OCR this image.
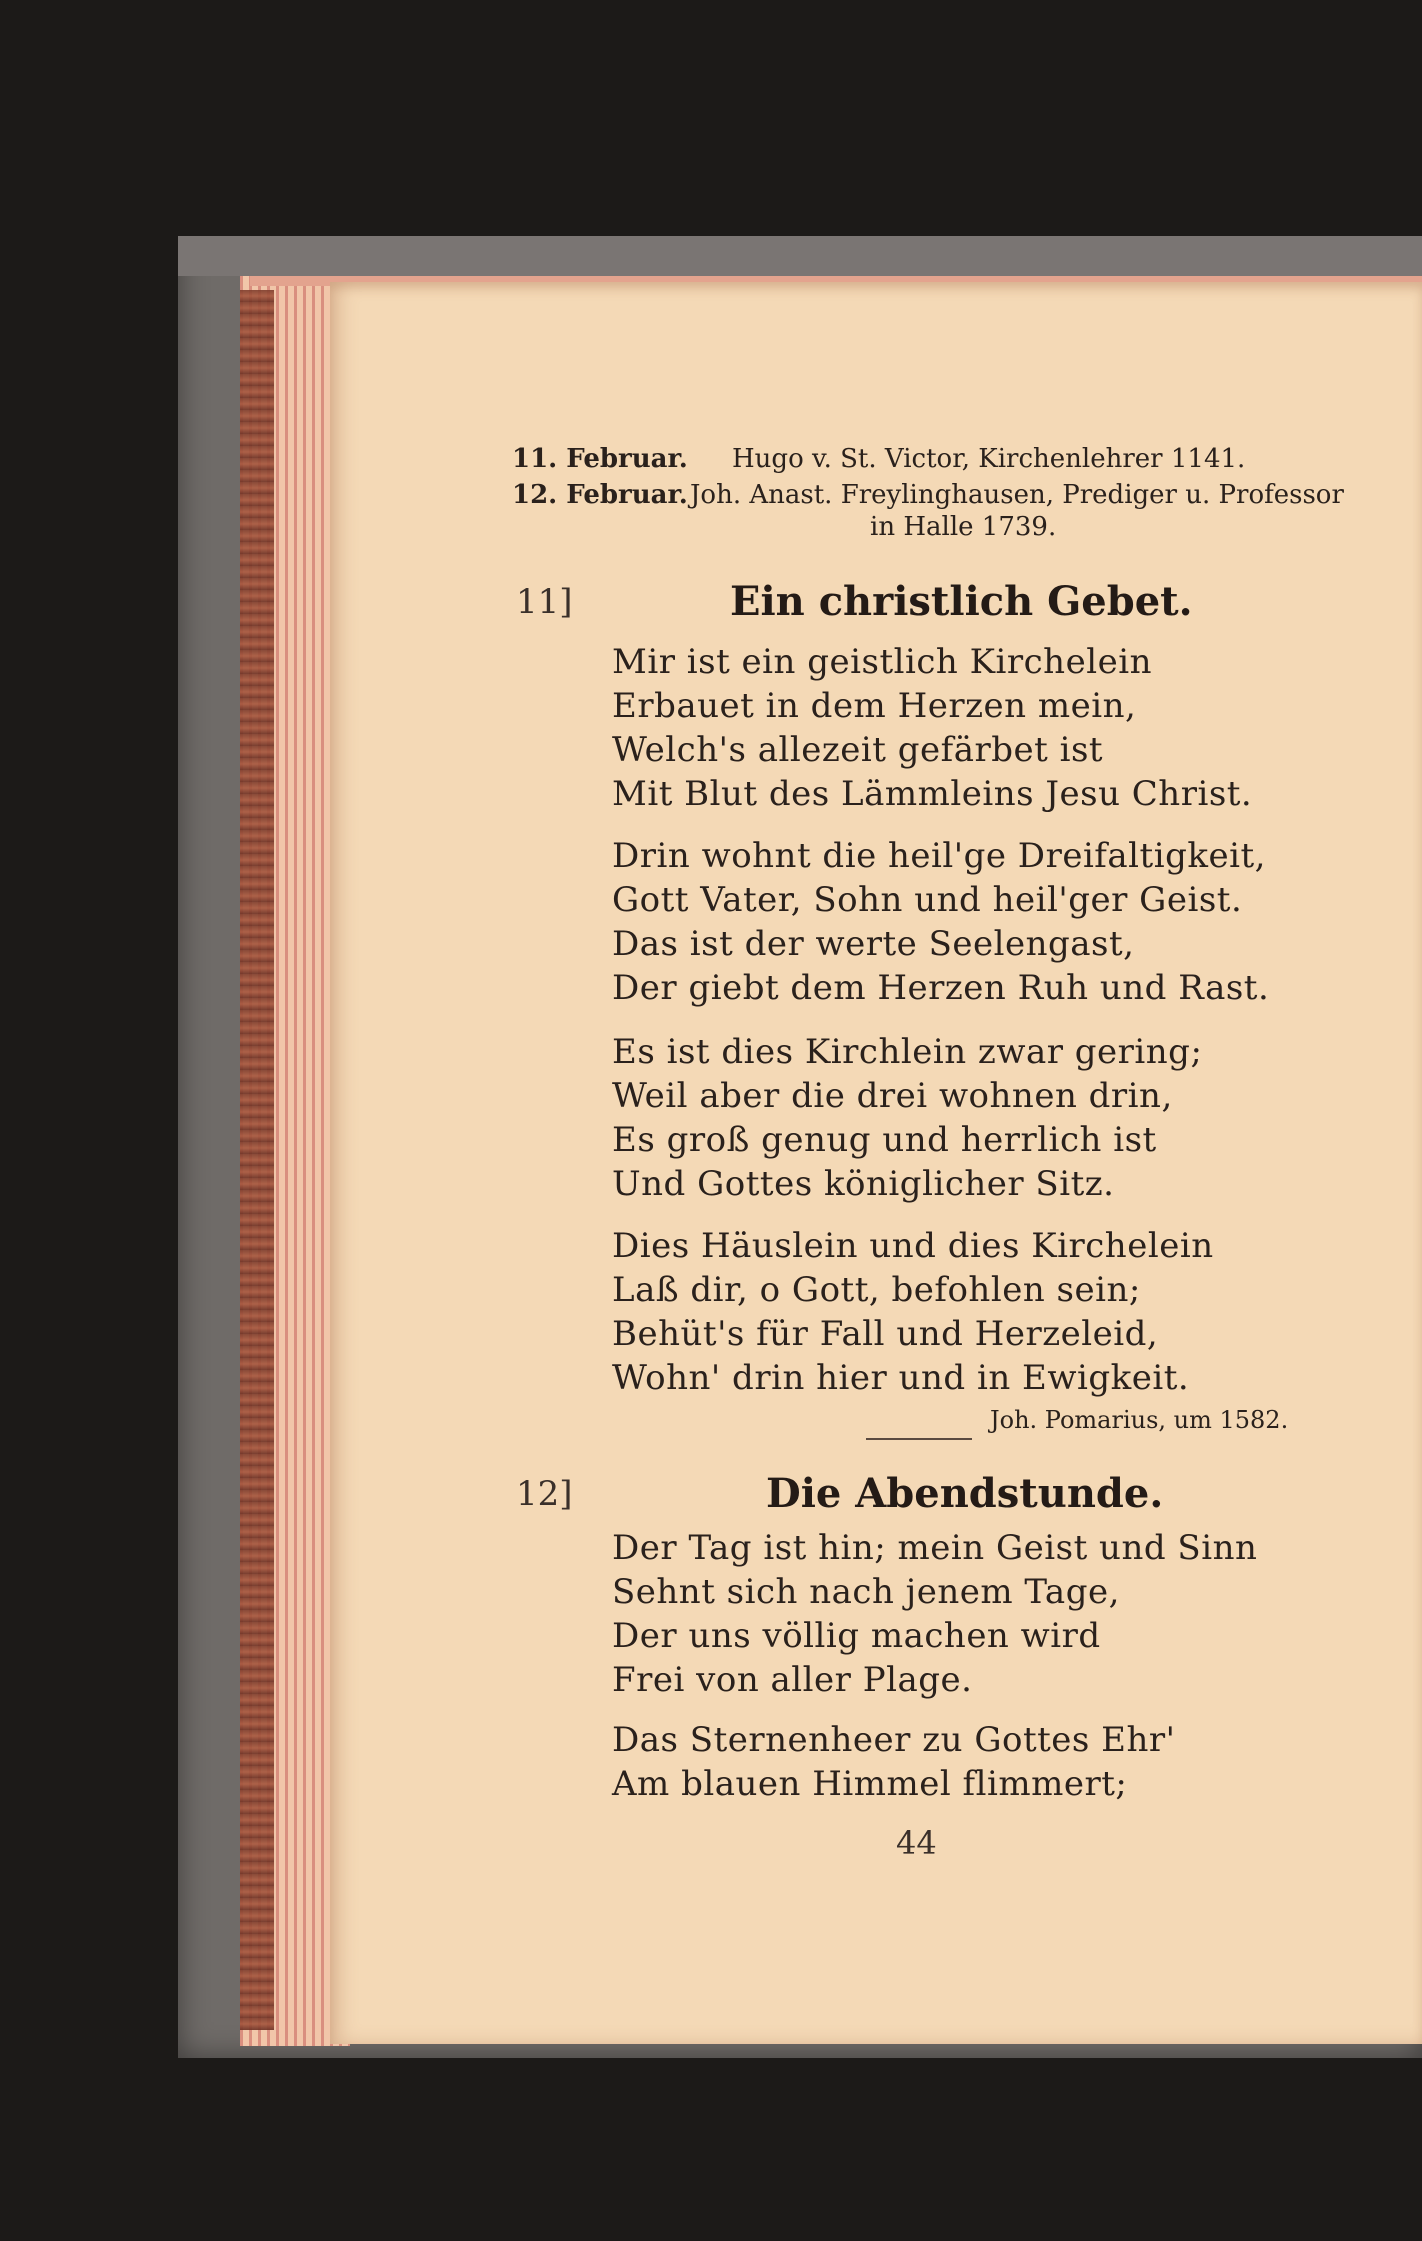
11. Februar. Hugo v. St. Victor, Kirchenlehrer 1141.
12. Februar.Joh. Anast. Freylinghausen, Prediger u. Professor
in Halle 1739.
11]	Ein christlich Gebet.
Mir ist ein geistlich Kirchelein
Erbauet in dem Herzen mein,
Welch's allezeit gefärbet ist
Mit Blut des Lämmleins Jesu Christ.
Drin wohnt die heil'ge Dreifaltigkeit,
Gott Vater, Sohn und heil'ger Geist.
Das ist der werte Seelengast,
Der giebt dem Herzen Ruh und Rast.
Es ist dies Kirchlein zwar gering;
Weil aber die drei wohnen drin,
Es groß genug und herrlich ist
Und Gottes königlicher Sitz.
Dies Häuslein und dies Kirchelein
Laß dir, o Gott, befohlen sein;
Behüt's für Fall und Herzeleid,
Wohn' drin hier und in Ewigkeit.
Joh. Pomarius, um 1582.
12]	Die Abendstunde.
Der Tag ist hin; mein Geist und Sinn
Sehnt sich nach jenem Tage,
Der uns völlig machen wird
Frei von aller Plage.
Das Sternenheer zu Gottes Ehr'
Am blauen Himmel flimmert;
44
